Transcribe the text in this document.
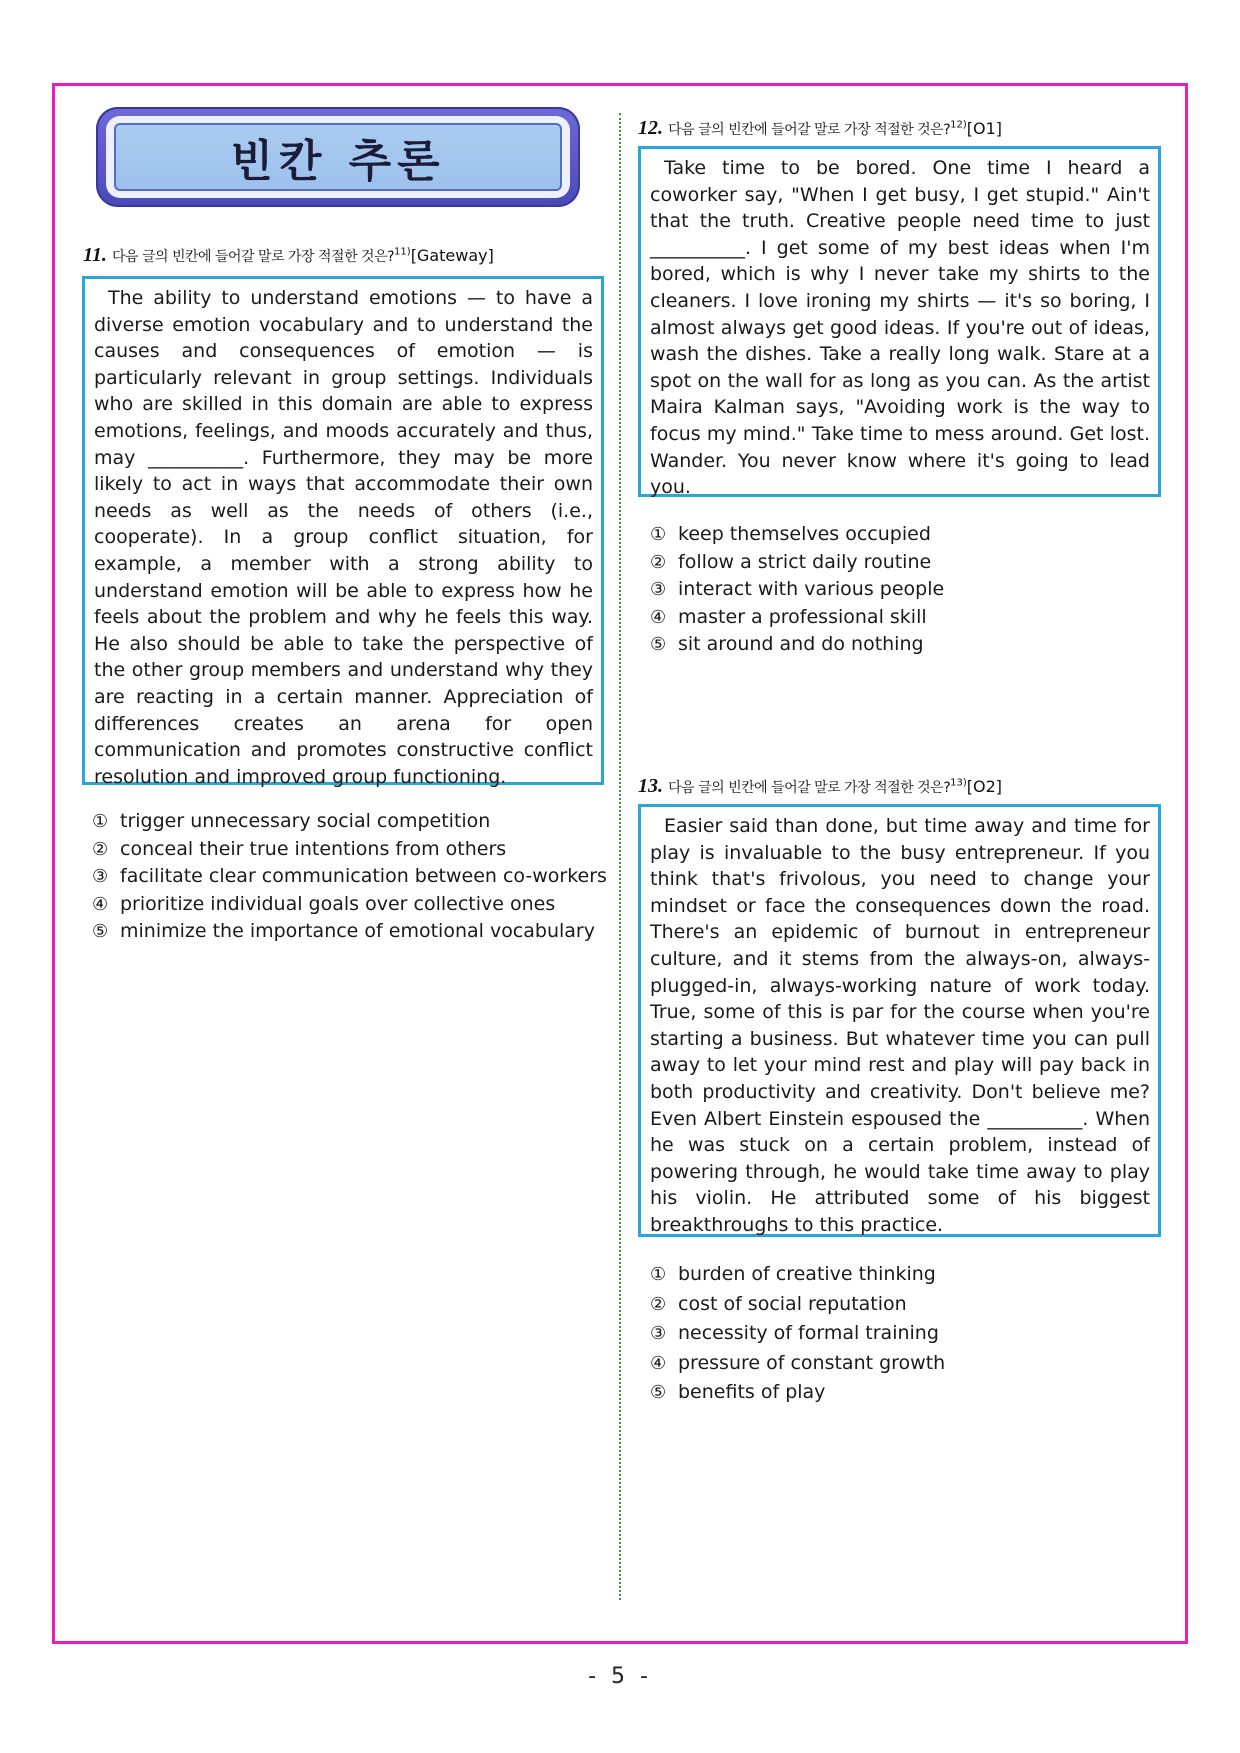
빈칸 추론
11. 다음 글의 빈칸에 들어갈 말로 가장 적절한 것은?$^{11)}$[Gateway]

The ability to understand emotions — to have a diverse emotion vocabulary and to understand the causes and consequences of emotion — is particularly relevant in group settings. Individuals who are skilled in this domain are able to express emotions, feelings, and moods accurately and thus, may __________. Furthermore, they may be more likely to act in ways that accommodate their own needs as well as the needs of others (i.e., cooperate). In a group conflict situation, for example, a member with a strong ability to understand emotion will be able to express how he feels about the problem and why he feels this way. He also should be able to take the perspective of the other group members and understand why they are reacting in a certain manner. Appreciation of differences creates an arena for open communication and promotes constructive conflict resolution and improved group functioning.

① trigger unnecessary social competition
② conceal their true intentions from others
③ facilitate clear communication between co-workers
④ prioritize individual goals over collective ones
⑤ minimize the importance of emotional vocabulary
12. 다음 글의 빈칸에 들어갈 말로 가장 적절한 것은?$^{12)}$[O1]

Take time to be bored. One time I heard a coworker say, "When I get busy, I get stupid." Ain't that the truth. Creative people need time to just __________. I get some of my best ideas when I'm bored, which is why I never take my shirts to the cleaners. I love ironing my shirts — it's so boring, I almost always get good ideas. If you're out of ideas, wash the dishes. Take a really long walk. Stare at a spot on the wall for as long as you can. As the artist Maira Kalman says, "Avoiding work is the way to focus my mind." Take time to mess around. Get lost. Wander. You never know where it's going to lead you.

① keep themselves occupied
② follow a strict daily routine
③ interact with various people
④ master a professional skill
⑤ sit around and do nothing
13. 다음 글의 빈칸에 들어갈 말로 가장 적절한 것은?$^{13)}$[O2]

Easier said than done, but time away and time for play is invaluable to the busy entrepreneur. If you think that's frivolous, you need to change your mindset or face the consequences down the road. There's an epidemic of burnout in entrepreneur culture, and it stems from the always-on, always-plugged-in, always-working nature of work today. True, some of this is par for the course when you're starting a business. But whatever time you can pull away to let your mind rest and play will pay back in both productivity and creativity. Don't believe me? Even Albert Einstein espoused the __________. When he was stuck on a certain problem, instead of powering through, he would take time away to play his violin. He attributed some of his biggest breakthroughs to this practice.

① burden of creative thinking
② cost of social reputation
③ necessity of formal training
④ pressure of constant growth
⑤ benefits of play
- 5 -
